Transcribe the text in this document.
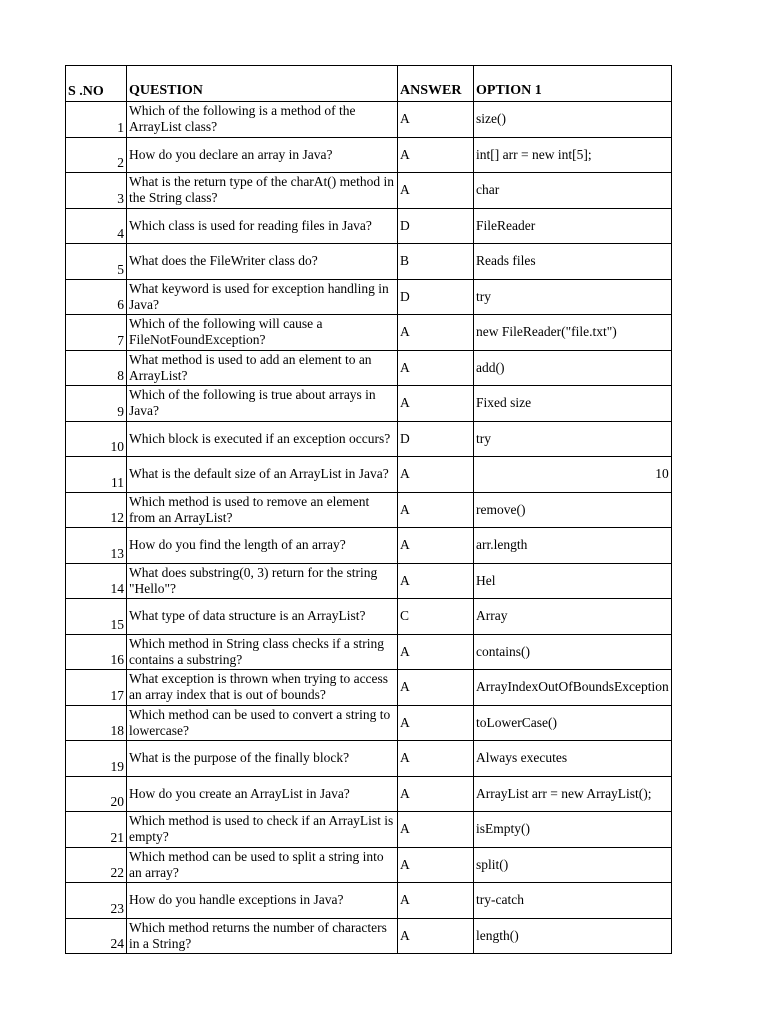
S .NO	QUESTION	ANSWER	OPTION 1

1	Which of the following is a method of the ArrayList class?	A	size()

2	How do you declare an array in Java?	A	int[] arr = new int[5];

3	What is the return type of the charAt() method in the String class?	A	char

4	Which class is used for reading files in Java?	D	FileReader

5	What does the FileWriter class do?	B	Reads files

6	What keyword is used for exception handling in Java?	D	try

7	Which of the following will cause a FileNotFoundException?	A	new FileReader("file.txt")

8	What method is used to add an element to an ArrayList?	A	add()

9	Which of the following is true about arrays in Java?	A	Fixed size

10	Which block is executed if an exception occurs?	D	try

11	What is the default size of an ArrayList in Java?	A	10

12	Which method is used to remove an element from an ArrayList?	A	remove()

13	How do you find the length of an array?	A	arr.length

14	What does substring(0, 3) return for the string "Hello"?	A	Hel

15	What type of data structure is an ArrayList?	C	Array

16	Which method in String class checks if a string contains a substring?	A	contains()

17	What exception is thrown when trying to access an array index that is out of bounds?	A	ArrayIndexOutOfBoundsException

18	Which method can be used to convert a string to lowercase?	A	toLowerCase()

19	What is the purpose of the finally block?	A	Always executes

20	How do you create an ArrayList in Java?	A	ArrayList arr = new ArrayList();

21	Which method is used to check if an ArrayList is empty?	A	isEmpty()

22	Which method can be used to split a string into an array?	A	split()

23	How do you handle exceptions in Java?	A	try-catch

24	Which method returns the number of characters in a String?	A	length()
